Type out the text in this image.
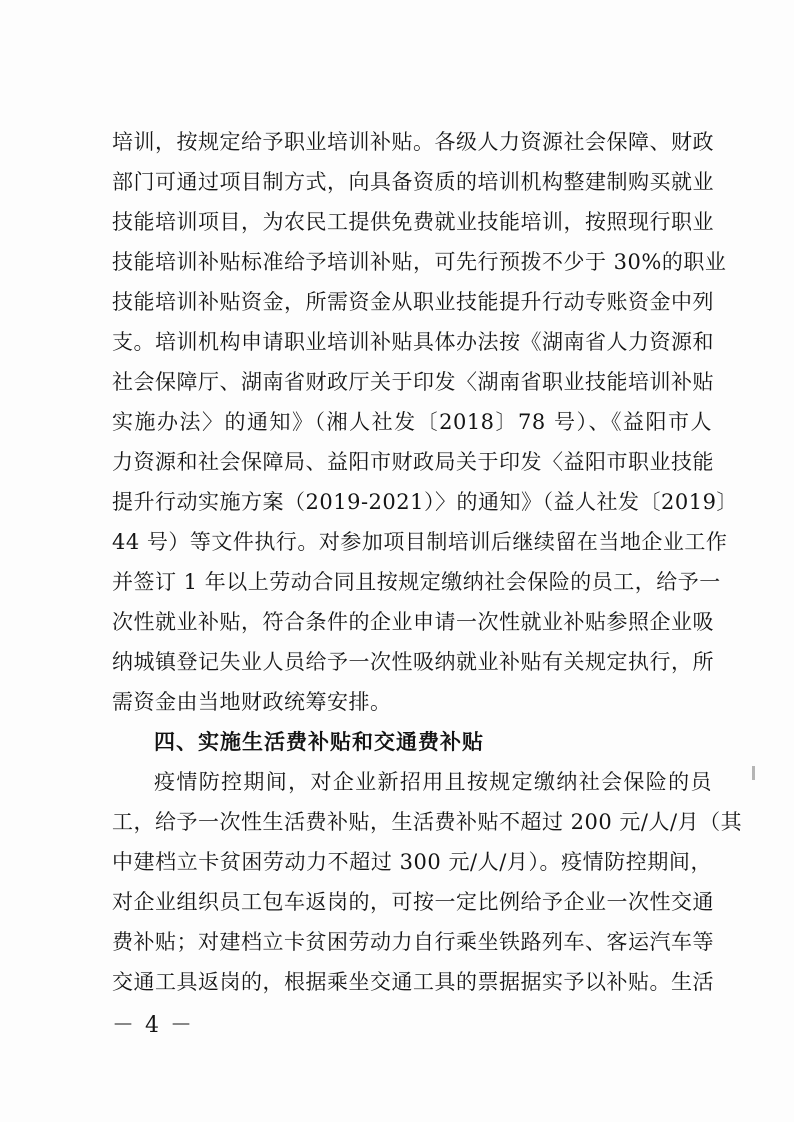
培训，按规定给予职业培训补贴。各级人力资源社会保障、财政
部门可通过项目制方式，向具备资质的培训机构整建制购买就业
技能培训项目，为农民工提供免费就业技能培训，按照现行职业
技能培训补贴标准给予培训补贴，可先行预拨不少于 30%的职业
技能培训补贴资金，所需资金从职业技能提升行动专账资金中列
支。培训机构申请职业培训补贴具体办法按《湖南省人力资源和
社会保障厅、湖南省财政厅关于印发〈湖南省职业技能培训补贴
实施办法〉的通知》（湘人社发〔2018〕78 号）、《益阳市人
力资源和社会保障局、益阳市财政局关于印发〈益阳市职业技能
提升行动实施方案（2019-2021）〉的通知》（益人社发〔2019〕
44 号）等文件执行。对参加项目制培训后继续留在当地企业工作
并签订 1 年以上劳动合同且按规定缴纳社会保险的员工，给予一
次性就业补贴，符合条件的企业申请一次性就业补贴参照企业吸
纳城镇登记失业人员给予一次性吸纳就业补贴有关规定执行，所
需资金由当地财政统筹安排。
四、实施生活费补贴和交通费补贴
疫情防控期间，对企业新招用且按规定缴纳社会保险的员
工，给予一次性生活费补贴，生活费补贴不超过 200 元/人/月（其
中建档立卡贫困劳动力不超过 300 元/人/月）。疫情防控期间，
对企业组织员工包车返岗的，可按一定比例给予企业一次性交通
费补贴；对建档立卡贫困劳动力自行乘坐铁路列车、客运汽车等
交通工具返岗的，根据乘坐交通工具的票据据实予以补贴。生活
－ 4 －
